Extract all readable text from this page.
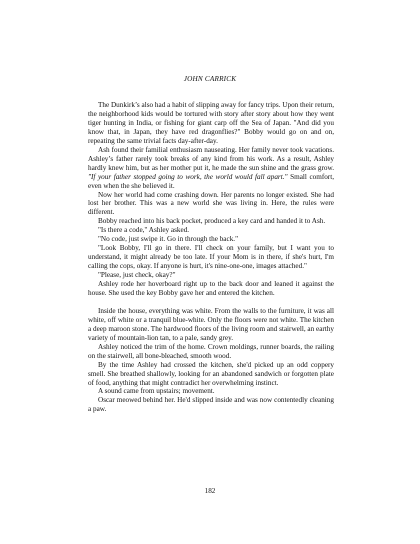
JOHN CARRICK

The Dunkirk’s also had a habit of slipping away for fancy trips. Upon their return, the neighborhood kids would be tortured with story after story about how they went tiger hunting in India, or fishing for giant carp off the Sea of Japan. "And did you know that, in Japan, they have red dragonflies?" Bobby would go on and on, repeating the same trivial facts day-after-day.

Ash found their familial enthusiasm nauseating. Her family never took vacations. Ashley’s father rarely took breaks of any kind from his work. As a result, Ashley hardly knew him, but as her mother put it, he made the sun shine and the grass grow. "If your father stopped going to work, the world would fall apart." Small comfort, even when the she believed it.

Now her world had come crashing down. Her parents no longer existed. She had lost her brother. This was a new world she was living in. Here, the rules were different.

Bobby reached into his back pocket, produced a key card and handed it to Ash.

"Is there a code," Ashley asked.

"No code, just swipe it. Go in through the back."

"Look Bobby, I'll go in there. I'll check on your family, but I want you to understand, it might already be too late. If your Mom is in there, if she's hurt, I'm calling the cops, okay. If anyone is hurt, it's nine-one-one, images attached."

"Please, just check, okay?"

Ashley rode her hoverboard right up to the back door and leaned it against the house. She used the key Bobby gave her and entered the kitchen.

Inside the house, everything was white. From the walls to the furniture, it was all white, off white or a tranquil blue-white. Only the floors were not white. The kitchen a deep maroon stone. The hardwood floors of the living room and stairwell, an earthy variety of mountain-lion tan, to a pale, sandy grey.

Ashley noticed the trim of the home. Crown moldings, runner boards, the railing on the stairwell, all bone-bleached, smooth wood.

By the time Ashley had crossed the kitchen, she'd picked up an odd coppery smell. She breathed shallowly, looking for an abandoned sandwich or forgotten plate of food, anything that might contradict her overwhelming instinct.

A sound came from upstairs; movement.

Oscar meowed behind her. He'd slipped inside and was now contentedly cleaning a paw.

182
